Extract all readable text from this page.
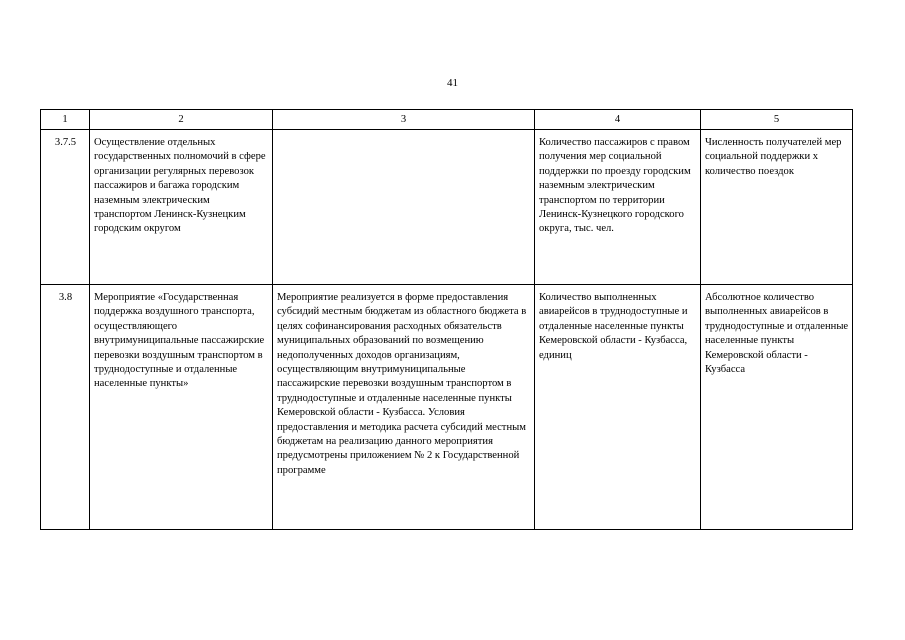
41
1	2	3	4	5
3.7.5	Осуществление отдельных государственных полномочий в сфере организации регулярных перевозок пассажиров и багажа городским наземным электрическим транспортом Ленинск-Кузнецким городским округом		Количество пассажиров с правом получения мер социальной поддержки по проезду городским наземным электрическим транспортом по территории Ленинск-Кузнецкого городского округа, тыс. чел.	Численность получателей мер социальной поддержки х количество поездок
3.8	Мероприятие «Государственная поддержка воздушного транспорта, осуществляющего внутримуниципальные пассажирские перевозки воздушным транспортом в труднодоступные и отдаленные населенные пункты»	Мероприятие реализуется в форме предоставления субсидий местным бюджетам из областного бюджета в целях софинансирования расходных обязательств муниципальных образований по возмещению недополученных доходов организациям, осуществляющим внутримуниципальные пассажирские перевозки воздушным транспортом в труднодоступные и отдаленные населенные пункты Кемеровской области - Кузбасса. Условия предоставления и методика расчета субсидий местным бюджетам на реализацию данного мероприятия предусмотрены приложением № 2 к Государственной программе	Количество выполненных авиарейсов в труднодоступные и отдаленные населенные пункты Кемеровской области - Кузбасса, единиц	Абсолютное количество выполненных авиарейсов в труднодоступные и отдаленные населенные пункты Кемеровской области - Кузбасса
